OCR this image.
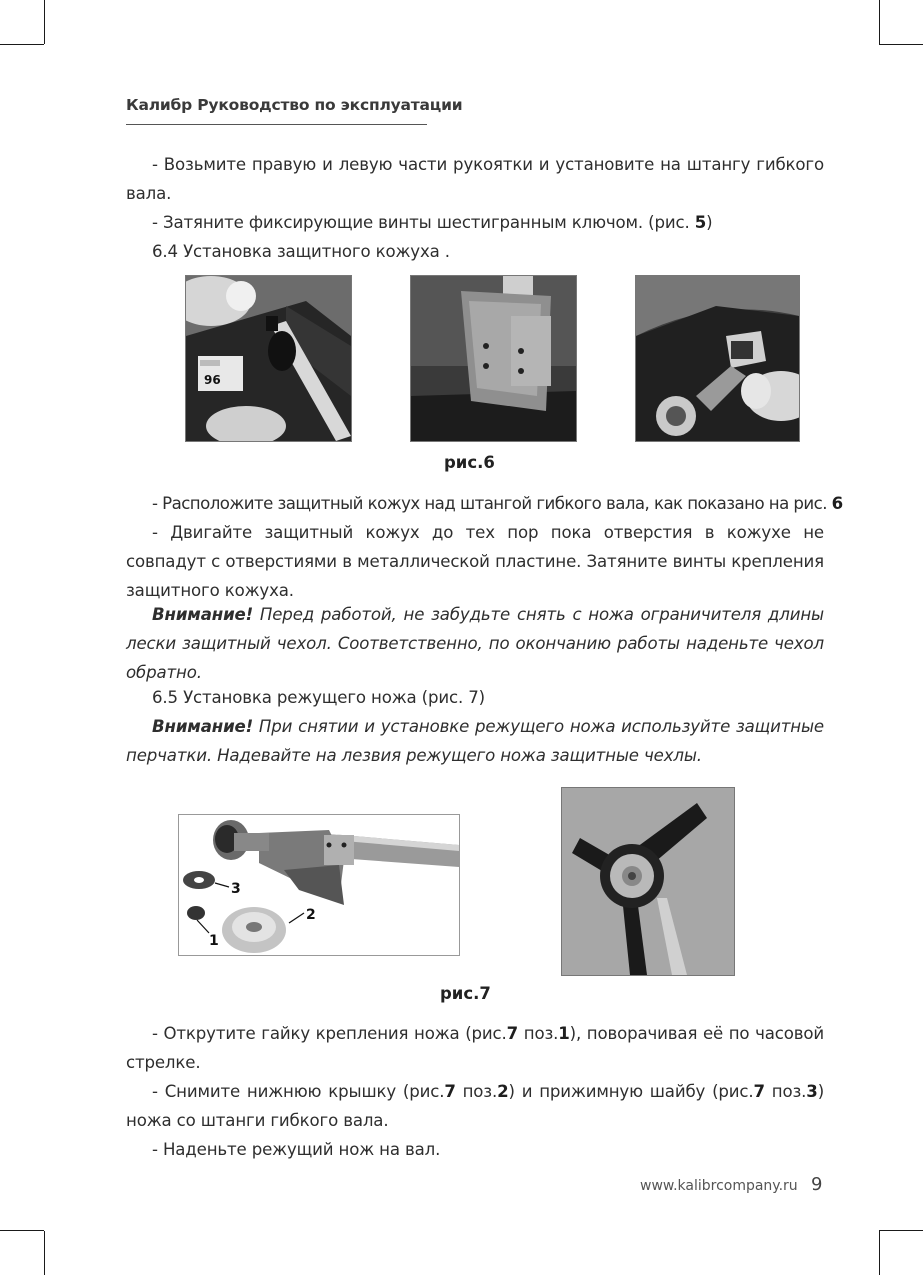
Калибр Руководство по эксплуатации
- Возьмите правую и левую части рукоятки и установите на штангу гибкого вала.
- Затяните фиксирующие винты шестигранным ключом. (рис. 5)
6.4 Установка защитного кожуха .
96
рис.6
- Расположите защитный кожух над штангой гибкого вала, как показано на рис. 6
- Двигайте защитный кожух до тех пор пока отверстия в кожухе не совпадут с отверстиями в металлической пластине. Затяните винты крепления защитного кожуха.
Внимание! Перед работой, не забудьте снять с ножа ограничителя длины лески защитный чехол. Соответственно, по окончанию работы наденьте чехол обратно.
6.5 Установка режущего ножа (рис. 7)
Внимание! При снятии и установке режущего ножа используйте защитные перчатки. Надевайте на лезвия режущего ножа защитные чехлы.
3
2
1
рис.7
- Открутите гайку крепления ножа (рис.7 поз.1), поворачивая её по часовой стрелке.
- Снимите нижнюю крышку (рис.7 поз.2) и прижимную шайбу (рис.7 поз.3) ножа со штанги гибкого вала.
- Наденьте режущий нож на вал.
www.kalibrcompany.ru 9
